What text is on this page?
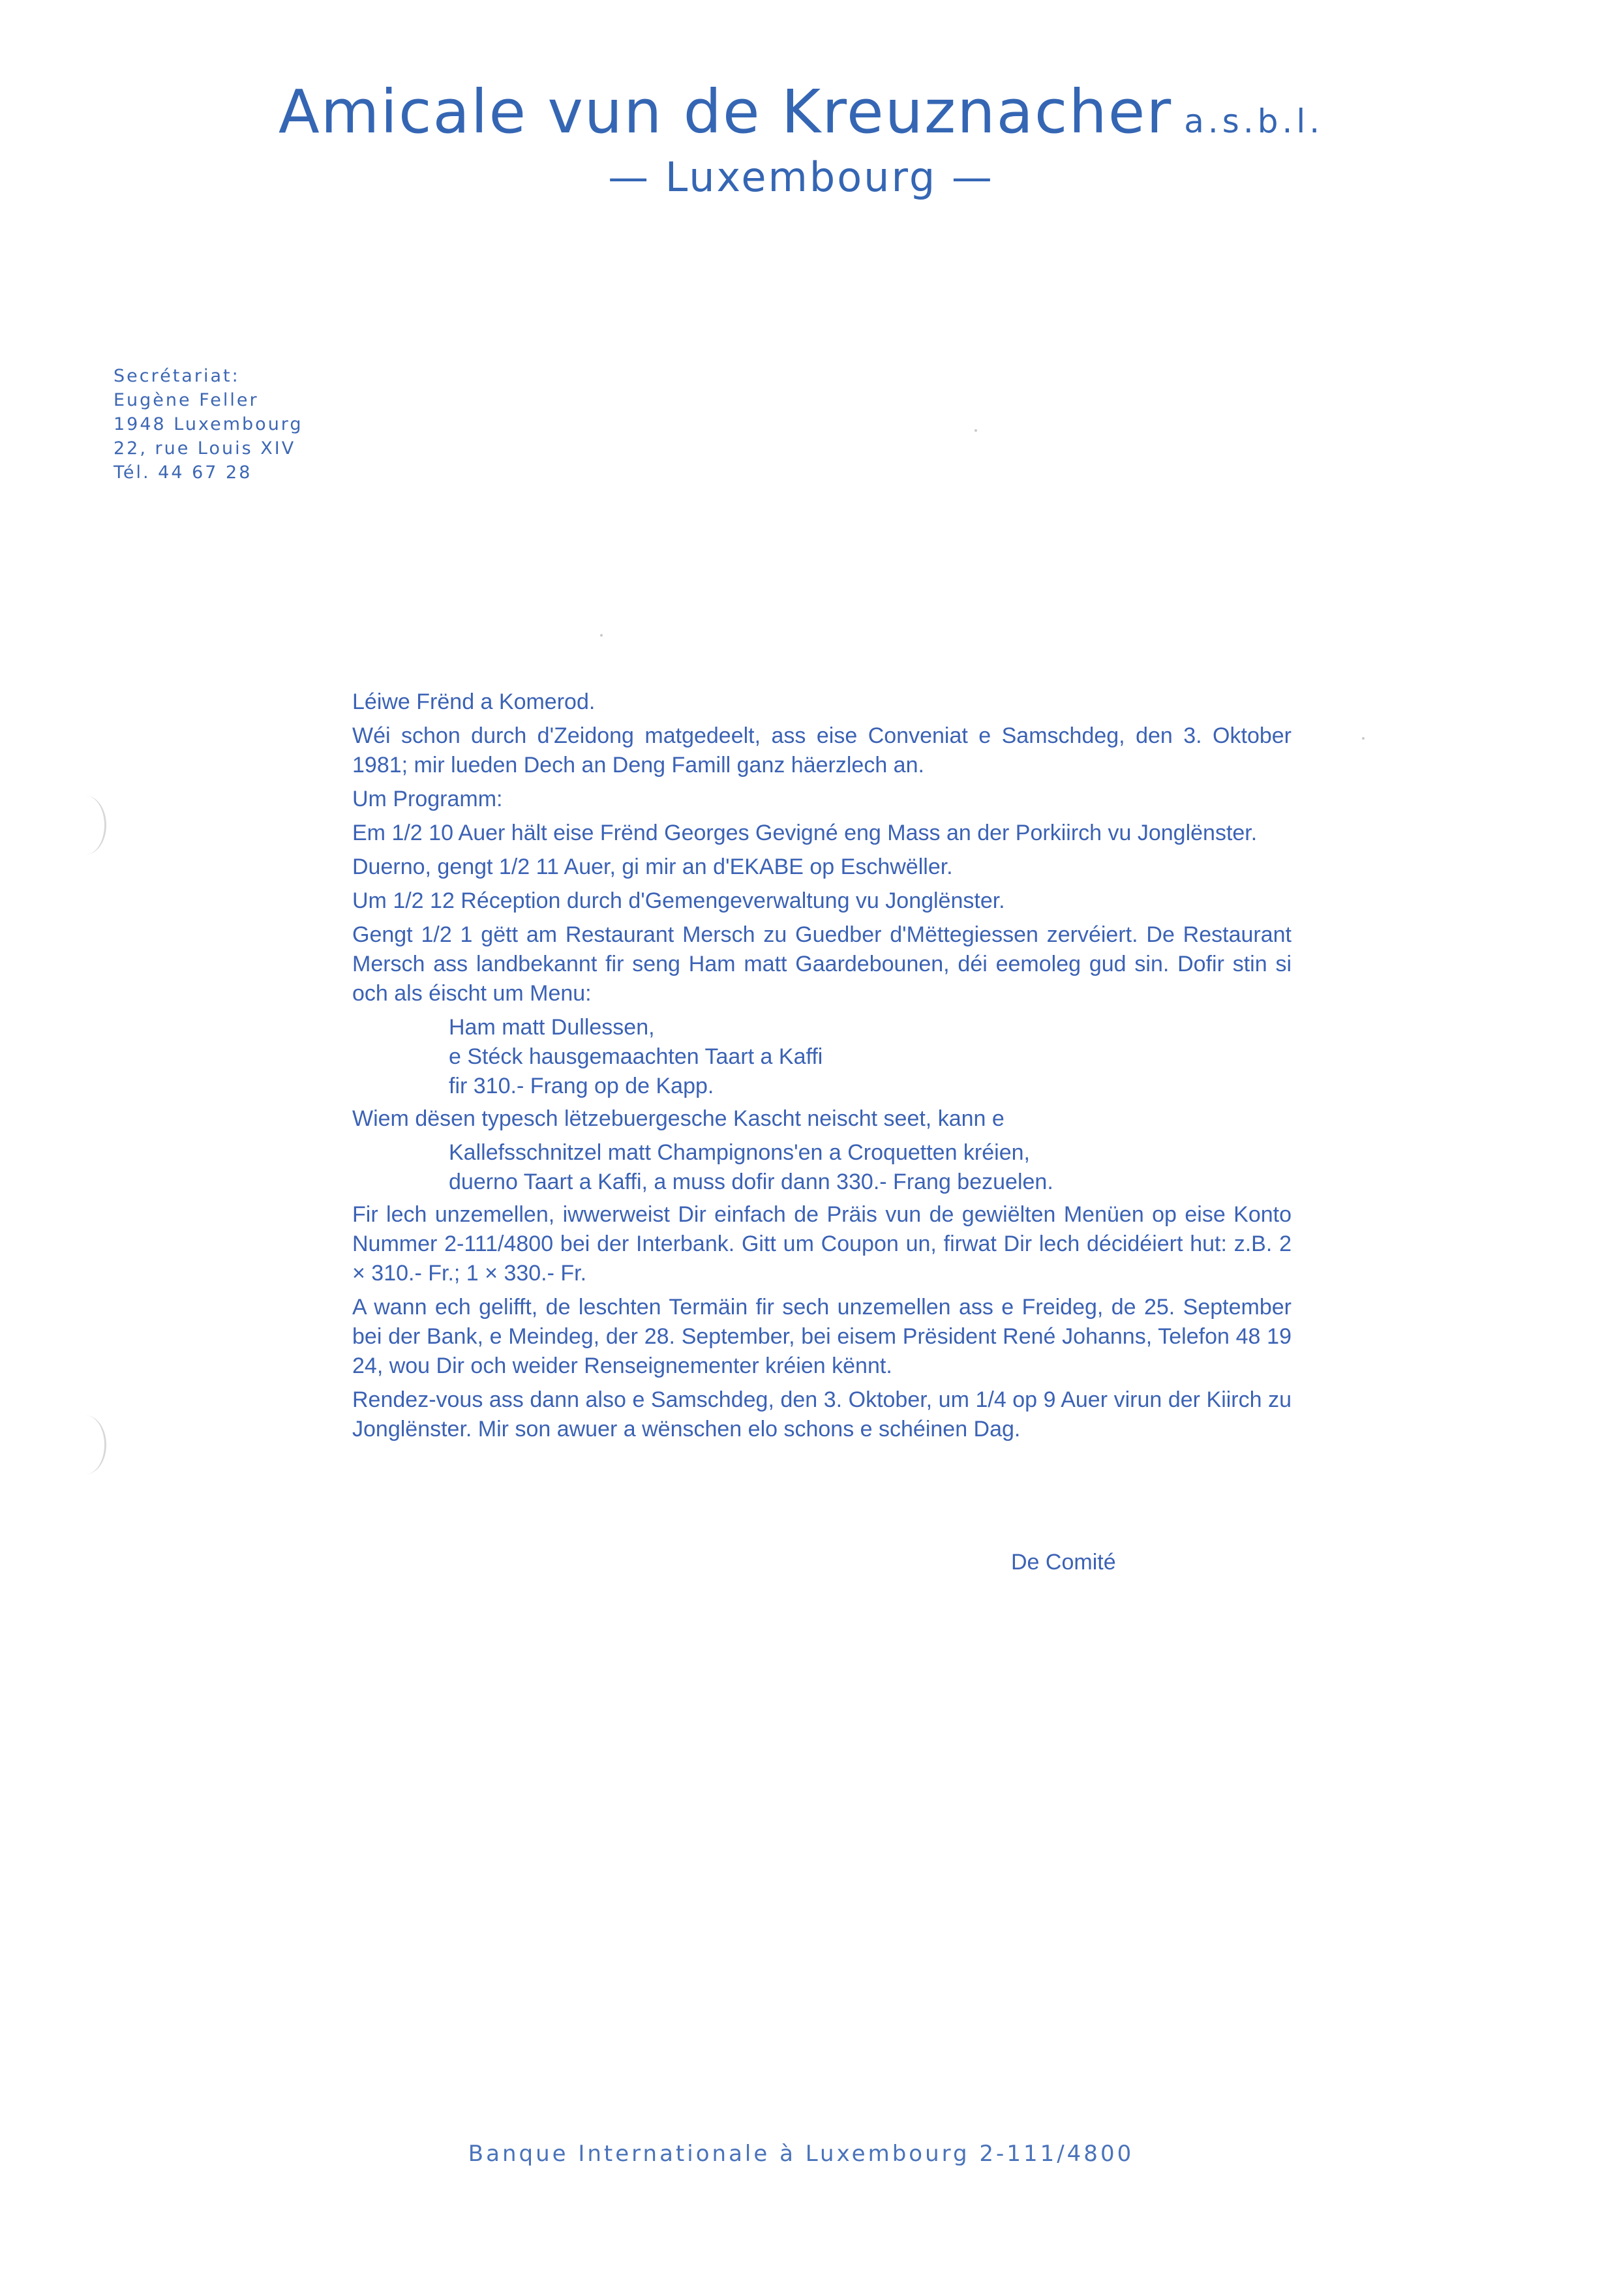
Amicale vun de Kreuznacher a.s.b.l.
— Luxembourg —
Secrétariat:
Eugène Feller
1948 Luxembourg
22, rue Louis XIV
Tél. 44 67 28

Léiwe Frënd a Komerod.

Wéi schon durch d'Zeidong matgedeelt, ass eise Conveniat e Samschdeg, den 3. Oktober 1981; mir lueden Dech an Deng Famill ganz häerzlech an.

Um Programm:

Em 1/2 10 Auer hält eise Frënd Georges Gevigné eng Mass an der Porkiirch vu Jonglënster.

Duerno, gengt 1/2 11 Auer, gi mir an d'EKABE op Eschwëller.

Um 1/2 12 Réception durch d'Gemengeverwaltung vu Jonglënster.

Gengt 1/2 1 gëtt am Restaurant Mersch zu Guedber d'Mëttegiessen zervéiert. De Restaurant Mersch ass landbekannt fir seng Ham matt Gaardebounen, déi eemoleg gud sin. Dofir stin si och als éischt um Menu:

Ham matt Dullessen,
e Stéck hausgemaachten Taart a Kaffi
fir 310.- Frang op de Kapp.

Wiem dësen typesch lëtzebuergesche Kascht neischt seet, kann e

Kallefsschnitzel matt Champignons'en a Croquetten kréien,
duerno Taart a Kaffi, a muss dofir dann 330.- Frang bezuelen.

Fir lech unzemellen, iwwerweist Dir einfach de Präis vun de gewiëlten Menüen op eise Konto Nummer 2-111/4800 bei der Interbank. Gitt um Coupon un, firwat Dir lech décidéiert hut: z.B. 2 × 310.- Fr.; 1 × 330.- Fr.

A wann ech gelifft, de leschten Termäin fir sech unzemellen ass e Freideg, de 25. September bei der Bank, e Meindeg, der 28. September, bei eisem Prësident René Johanns, Telefon 48 19 24, wou Dir och weider Renseignementer kréien kënnt.

Rendez-vous ass dann also e Samschdeg, den 3. Oktober, um 1/4 op 9 Auer virun der Kiirch zu Jonglënster. Mir son awuer a wënschen elo schons e schéinen Dag.

De Comité
Banque Internationale à Luxembourg 2-111/4800
